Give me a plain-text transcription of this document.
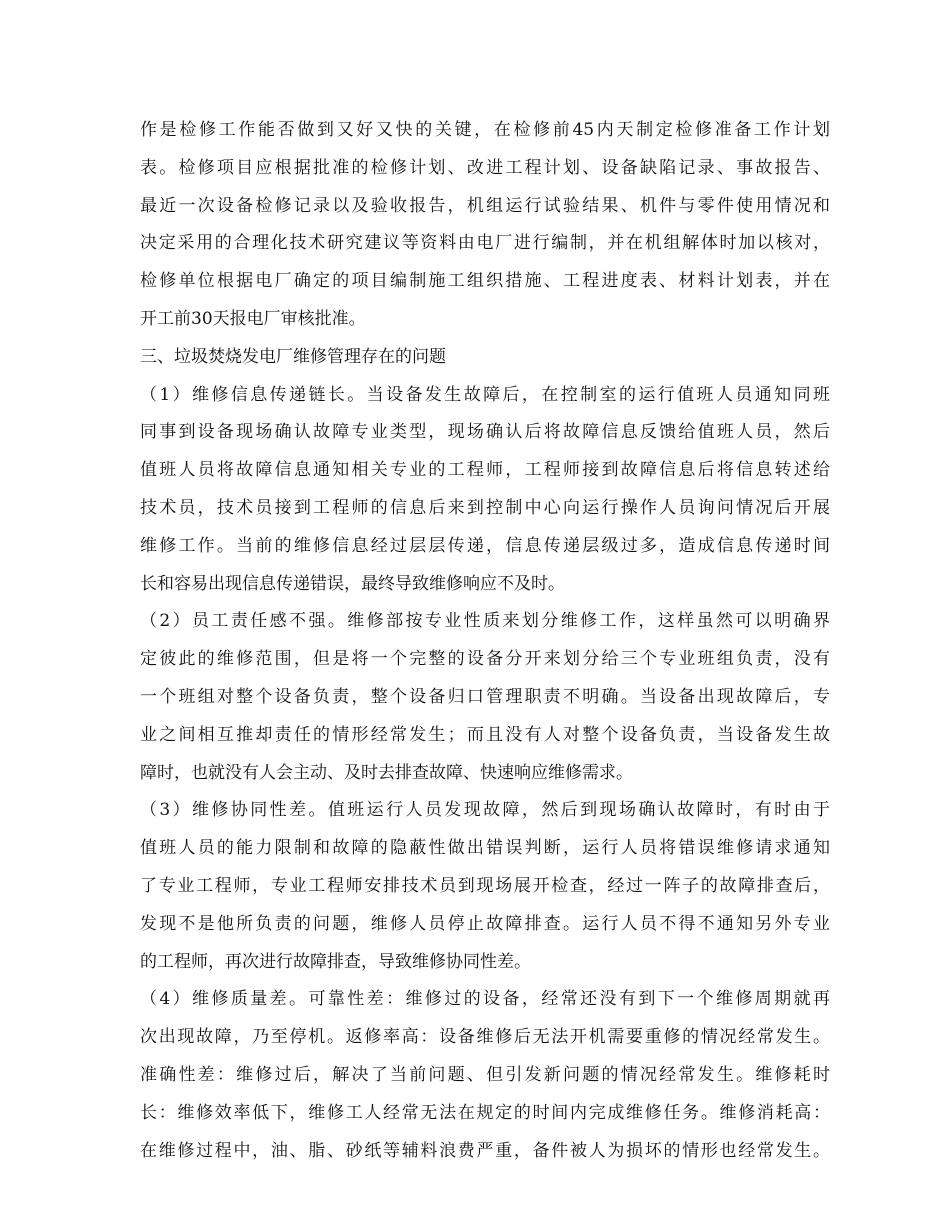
作是检修工作能否做到又好又快的关键，在检修前45内天制定检修准备工作计划
表。检修项目应根据批准的检修计划、改进工程计划、设备缺陷记录、事故报告、
最近一次设备检修记录以及验收报告，机组运行试验结果、机件与零件使用情况和
决定采用的合理化技术研究建议等资料由电厂进行编制，并在机组解体时加以核对，
检修单位根据电厂确定的项目编制施工组织措施、工程进度表、材料计划表，并在
开工前30天报电厂审核批准。
三、垃圾焚烧发电厂维修管理存在的问题
（1）维修信息传递链长。当设备发生故障后，在控制室的运行值班人员通知同班
同事到设备现场确认故障专业类型，现场确认后将故障信息反馈给值班人员，然后
值班人员将故障信息通知相关专业的工程师，工程师接到故障信息后将信息转述给
技术员，技术员接到工程师的信息后来到控制中心向运行操作人员询问情况后开展
维修工作。当前的维修信息经过层层传递，信息传递层级过多，造成信息传递时间
长和容易出现信息传递错误，最终导致维修响应不及时。
（2）员工责任感不强。维修部按专业性质来划分维修工作，这样虽然可以明确界
定彼此的维修范围，但是将一个完整的设备分开来划分给三个专业班组负责，没有
一个班组对整个设备负责，整个设备归口管理职责不明确。当设备出现故障后，专
业之间相互推却责任的情形经常发生；而且没有人对整个设备负责，当设备发生故
障时，也就没有人会主动、及时去排查故障、快速响应维修需求。
（3）维修协同性差。值班运行人员发现故障，然后到现场确认故障时，有时由于
值班人员的能力限制和故障的隐蔽性做出错误判断，运行人员将错误维修请求通知
了专业工程师，专业工程师安排技术员到现场展开检查，经过一阵子的故障排查后，
发现不是他所负责的问题，维修人员停止故障排查。运行人员不得不通知另外专业
的工程师，再次进行故障排查，导致维修协同性差。
（4）维修质量差。可靠性差：维修过的设备，经常还没有到下一个维修周期就再
次出现故障，乃至停机。返修率高：设备维修后无法开机需要重修的情况经常发生。
准确性差：维修过后，解决了当前问题、但引发新问题的情况经常发生。维修耗时
长：维修效率低下，维修工人经常无法在规定的时间内完成维修任务。维修消耗高：
在维修过程中，油、脂、砂纸等辅料浪费严重，备件被人为损坏的情形也经常发生。
